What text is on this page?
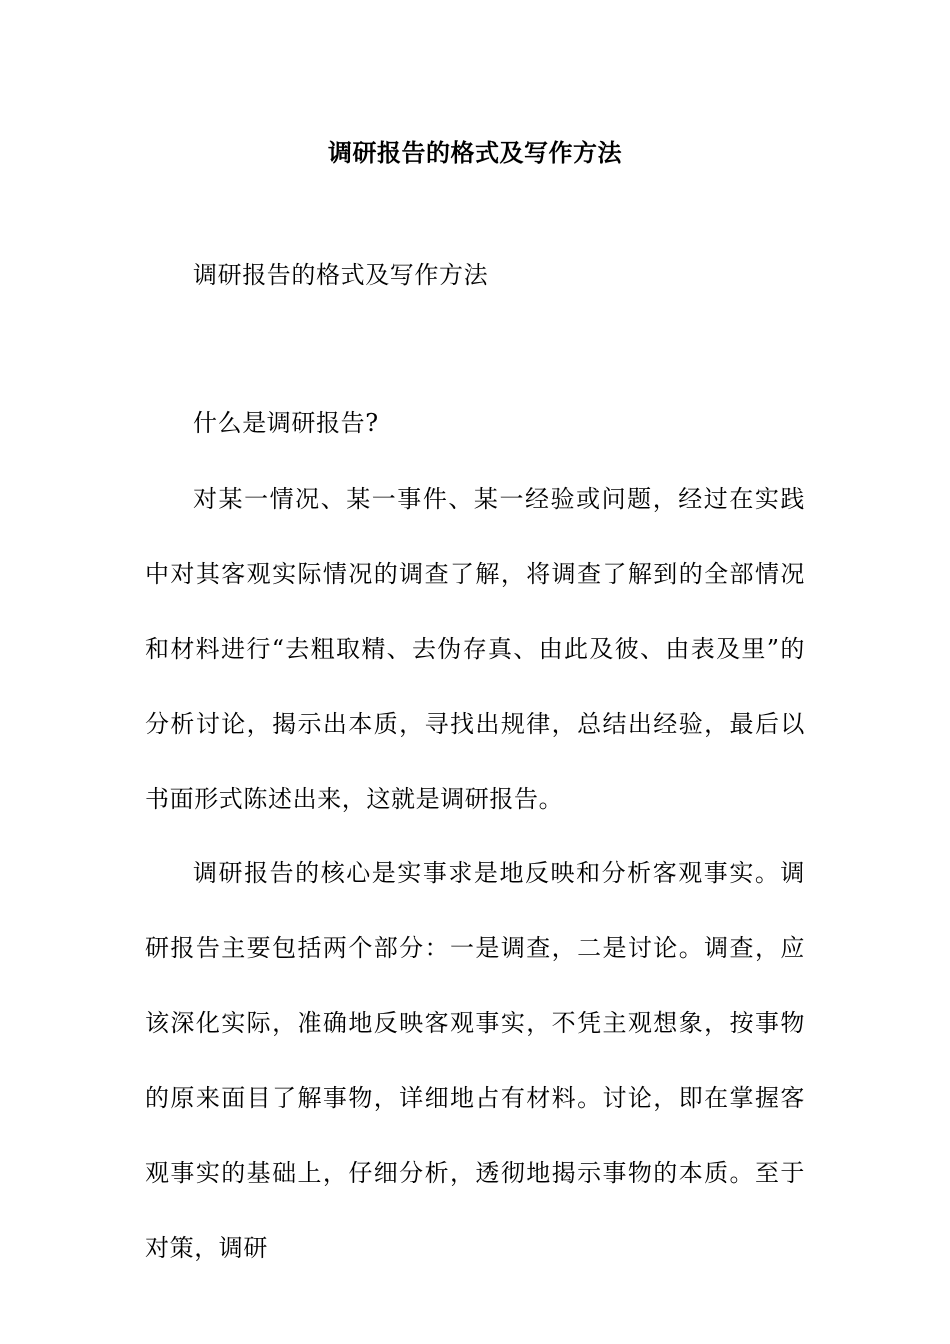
调研报告的格式及写作方法

调研报告的格式及写作方法

什么是调研报告?

对某一情况、某一事件、某一经验或问题，经过在实践中对其客观实际情况的调查了解，将调查了解到的全部情况和材料进行“去粗取精、去伪存真、由此及彼、由表及里”的分析讨论，揭示出本质，寻找出规律，总结出经验，最后以书面形式陈述出来，这就是调研报告。

调研报告的核心是实事求是地反映和分析客观事实。调研报告主要包括两个部分：一是调查，二是讨论。调查，应该深化实际，准确地反映客观事实，不凭主观想象，按事物的原来面目了解事物，详细地占有材料。讨论，即在掌握客观事实的基础上，仔细分析，透彻地揭示事物的本质。至于对策，调研
